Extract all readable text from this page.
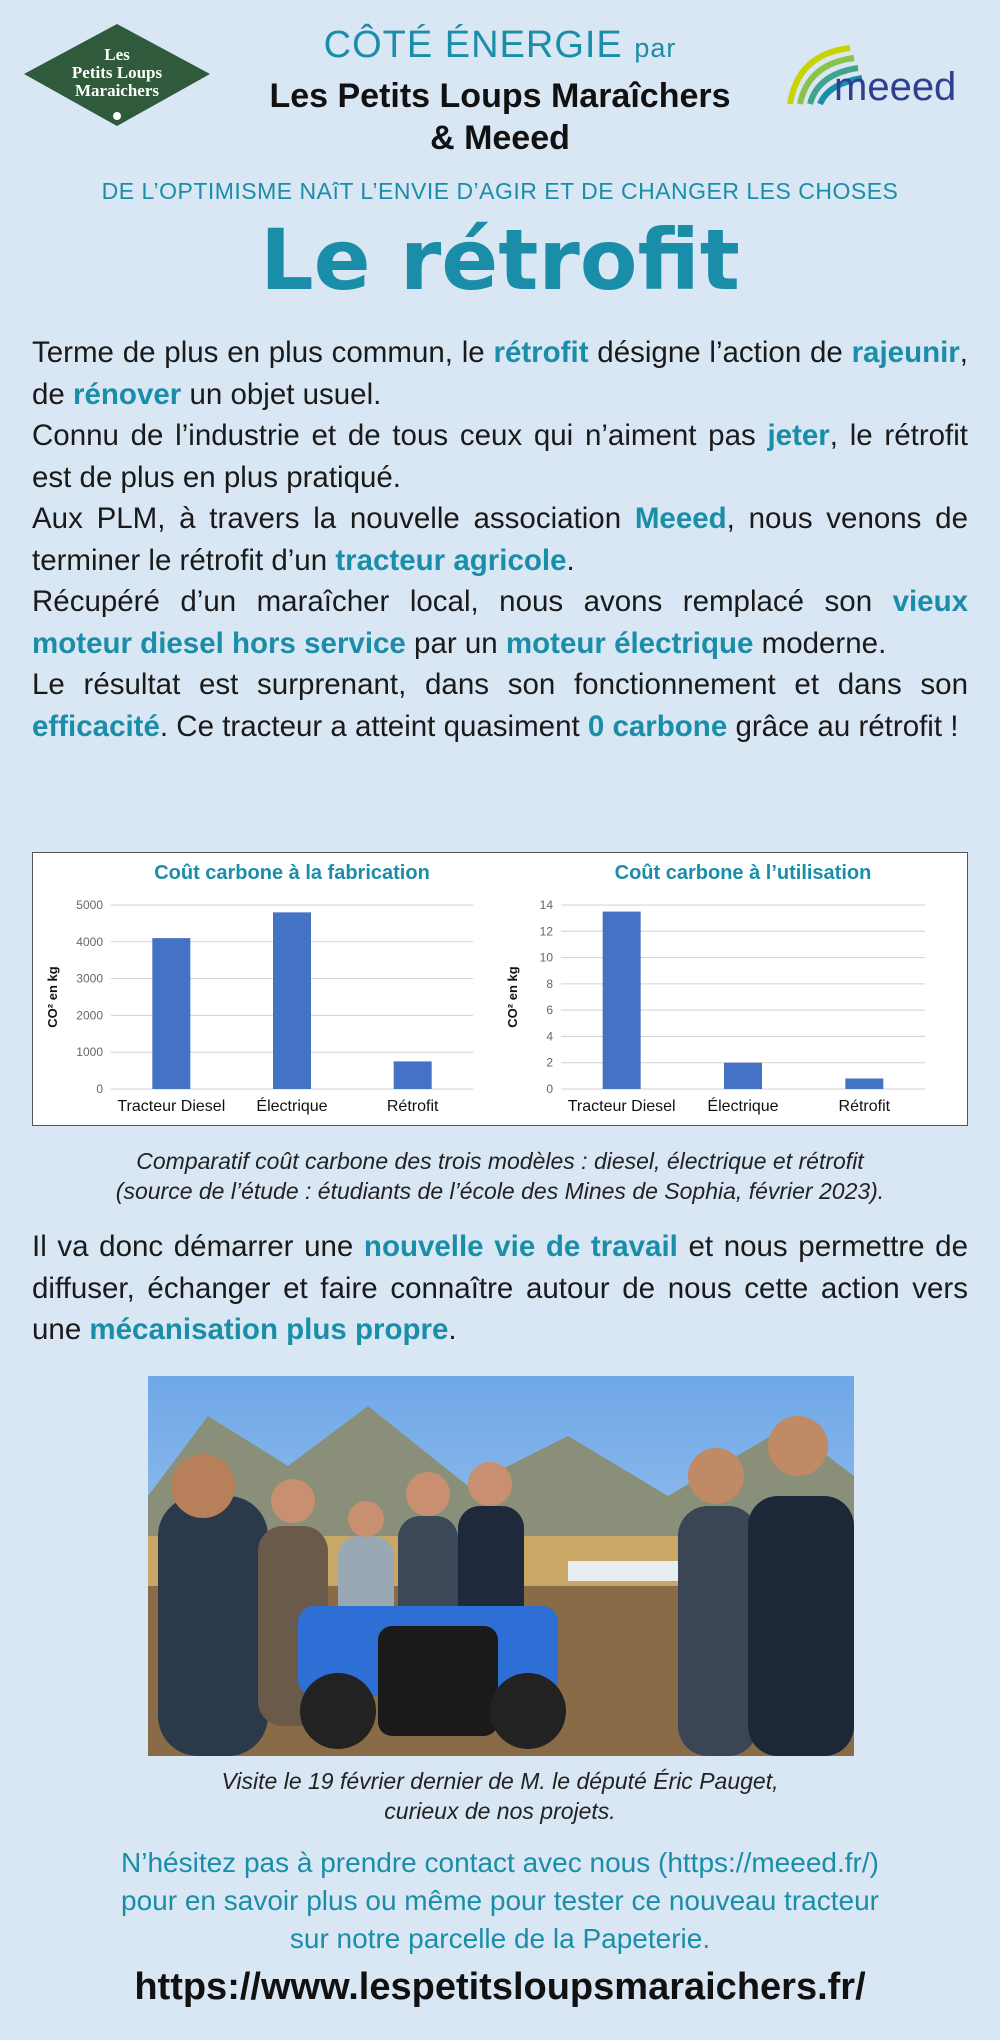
Les
Petits Loups
Maraichers
CÔTÉ ÉNERGIE par
Les Petits Loups Maraîchers
& Meeed
meeed
DE L’OPTIMISME NAîT L’ENVIE D’AGIR ET DE CHANGER LES CHOSES
Le rétrofit

Terme de plus en plus commun, le rétrofit désigne l’action de rajeunir, de rénover un objet usuel.

Connu de l’industrie et de tous ceux qui n’aiment pas jeter, le rétrofit est de plus en plus pratiqué.

Aux PLM, à travers la nouvelle association Meeed, nous venons de terminer le rétrofit d’un tracteur agricole.

Récupéré d’un maraîcher local, nous avons remplacé son vieux moteur diesel hors service par un moteur électrique moderne.

Le résultat est surprenant, dans son fonctionnement et dans son efficacité. Ce tracteur a atteint quasiment 0 carbone grâce au rétrofit !

Coût carbone à la fabrication
0
1000
2000
3000
4000
5000
CO² en kg
Tracteur Diesel Électrique	Rétrofit
Coût carbone à l’utilisation
0
2
4
6
8
10
12
14
CO² en kg
Tracteur Diesel Électrique	Rétrofit
Comparatif coût carbone des trois modèles : diesel, électrique et rétrofit
(source de l’étude : étudiants de l’école des Mines de Sophia, février 2023).
Il va donc démarrer une nouvelle vie de travail et nous permettre de diffuser, échanger et faire connaître autour de nous cette action vers une mécanisation plus propre.
Visite le 19 février dernier de M. le député Éric Pauget,
curieux de nos projets.
N’hésitez pas à prendre contact avec nous (https://meeed.fr/)
pour en savoir plus ou même pour tester ce nouveau tracteur
sur notre parcelle de la Papeterie.
https://www.lespetitsloupsmaraichers.fr/
